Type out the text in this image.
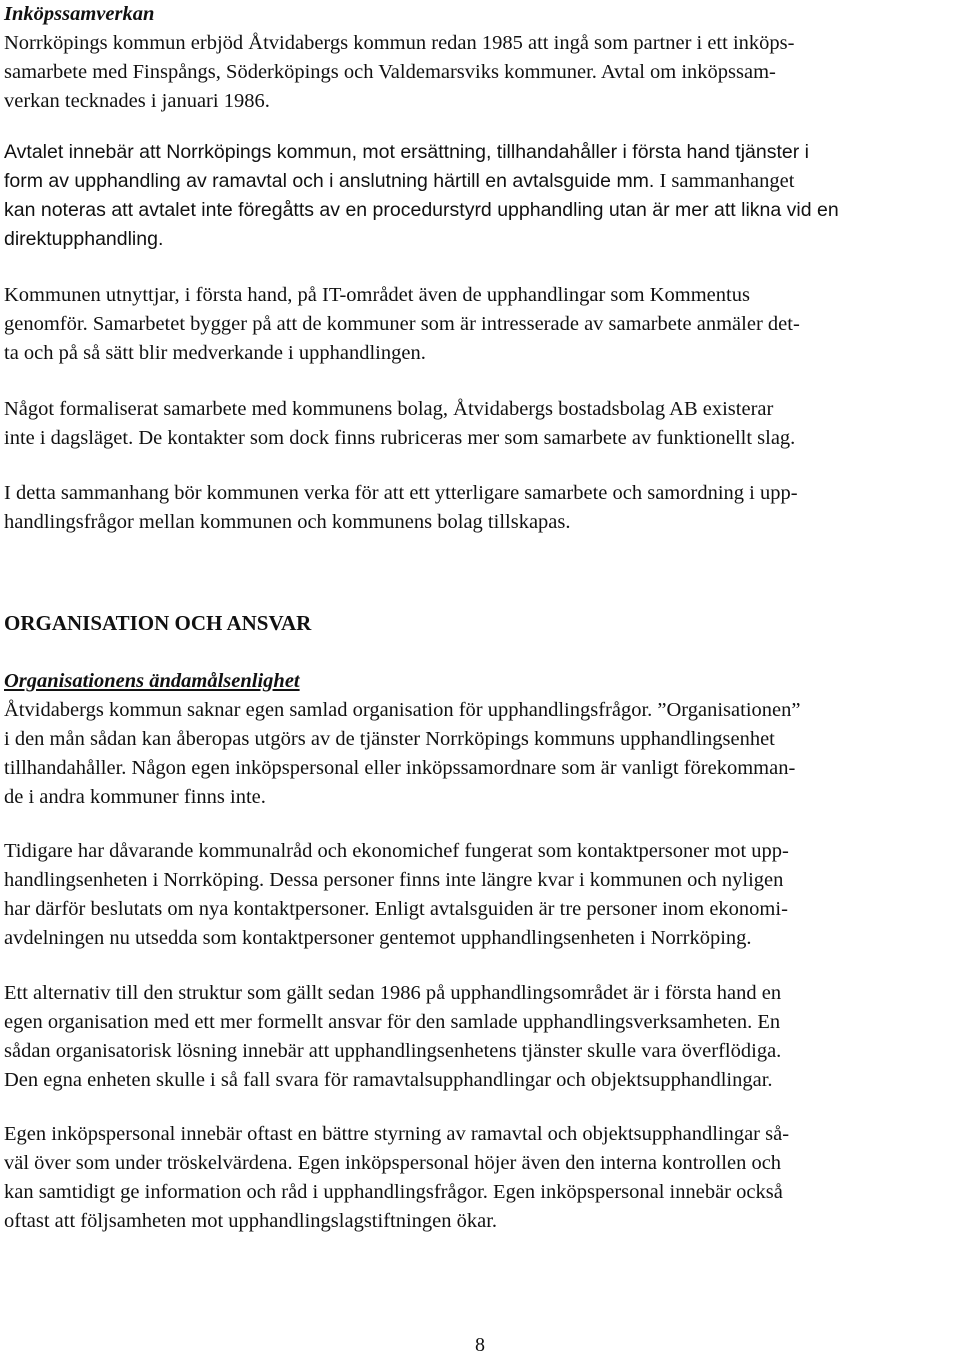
Inköpssamverkan

Norrköpings kommun erbjöd Åtvidabergs kommun redan 1985 att ingå som partner i ett inköps-
samarbete med Finspångs, Söderköpings och Valdemarsviks kommuner. Avtal om inköpssam-
verkan tecknades i januari 1986.

Avtalet innebär att Norrköpings kommun, mot ersättning, tillhandahåller i första hand tjänster i
form av upphandling av ramavtal och i anslutning härtill en avtalsguide mm. I sammanhanget
kan noteras att avtalet inte föregåtts av en procedurstyrd upphandling utan är mer att likna vid en
direktupphandling.

Kommunen utnyttjar, i första hand, på IT-området även de upphandlingar som Kommentus
genomför. Samarbetet bygger på att de kommuner som är intresserade av samarbete anmäler det-
ta och på så sätt blir medverkande i upphandlingen.

Något formaliserat samarbete med kommunens bolag, Åtvidabergs bostadsbolag AB existerar
inte i dagsläget. De kontakter som dock finns rubriceras mer som samarbete av funktionellt slag.

I detta sammanhang bör kommunen verka för att ett ytterligare samarbete och samordning i upp-
handlingsfrågor mellan kommunen och kommunens bolag tillskapas.

ORGANISATION OCH ANSVAR
Organisationens ändamålsenlighet

Åtvidabergs kommun saknar egen samlad organisation för upphandlingsfrågor. ”Organisationen”
i den mån sådan kan åberopas utgörs av de tjänster Norrköpings kommuns upphandlingsenhet
tillhandahåller. Någon egen inköpspersonal eller inköpssamordnare som är vanligt förekomman-
de i andra kommuner finns inte.

Tidigare har dåvarande kommunalråd och ekonomichef fungerat som kontaktpersoner mot upp-
handlingsenheten i Norrköping. Dessa personer finns inte längre kvar i kommunen och nyligen
har därför beslutats om nya kontaktpersoner. Enligt avtalsguiden är tre personer inom ekonomi-
avdelningen nu utsedda som kontaktpersoner gentemot upphandlingsenheten i Norrköping.

Ett alternativ till den struktur som gällt sedan 1986 på upphandlingsområdet är i första hand en
egen organisation med ett mer formellt ansvar för den samlade upphandlingsverksamheten. En
sådan organisatorisk lösning innebär att upphandlingsenhetens tjänster skulle vara överflödiga.
Den egna enheten skulle i så fall svara för ramavtalsupphandlingar och objektsupphandlingar.

Egen inköpspersonal innebär oftast en bättre styrning av ramavtal och objektsupphandlingar så-
väl över som under tröskelvärdena. Egen inköpspersonal höjer även den interna kontrollen och
kan samtidigt ge information och råd i upphandlingsfrågor. Egen inköpspersonal innebär också
oftast att följsamheten mot upphandlingslagstiftningen ökar.

8
